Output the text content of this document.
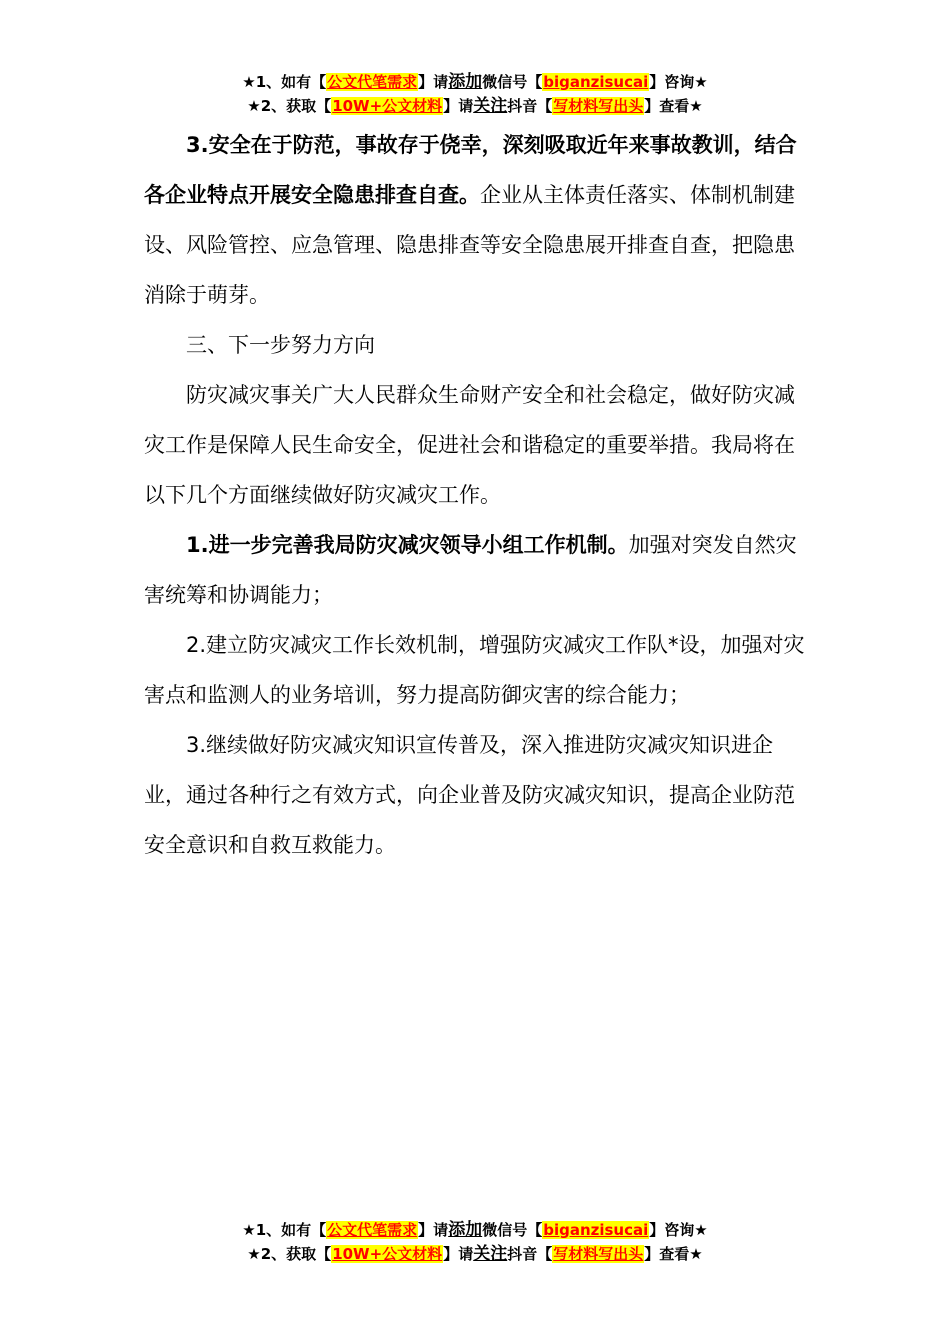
★1、如有【公文代笔需求】请添加微信号【biganzisucai】咨询★
★2、获取【10W+公文材料】请关注抖音【写材料写出头】查看★

3.安全在于防范，事故存于侥幸，深刻吸取近年来事故教训，结合各企业特点开展安全隐患排查自查。企业从主体责任落实、体制机制建设、风险管控、应急管理、隐患排查等安全隐患展开排查自查，把隐患消除于萌芽。

三、下一步努力方向

防灾减灾事关广大人民群众生命财产安全和社会稳定，做好防灾减灾工作是保障人民生命安全，促进社会和谐稳定的重要举措。我局将在以下几个方面继续做好防灾减灾工作。

1.进一步完善我局防灾减灾领导小组工作机制。加强对突发自然灾害统筹和协调能力；

2.建立防灾减灾工作长效机制，增强防灾减灾工作队*设，加强对灾害点和监测人的业务培训，努力提高防御灾害的综合能力；

3.继续做好防灾减灾知识宣传普及，深入推进防灾减灾知识进企业，通过各种行之有效方式，向企业普及防灾减灾知识，提高企业防范安全意识和自救互救能力。

★1、如有【公文代笔需求】请添加微信号【biganzisucai】咨询★
★2、获取【10W+公文材料】请关注抖音【写材料写出头】查看★
